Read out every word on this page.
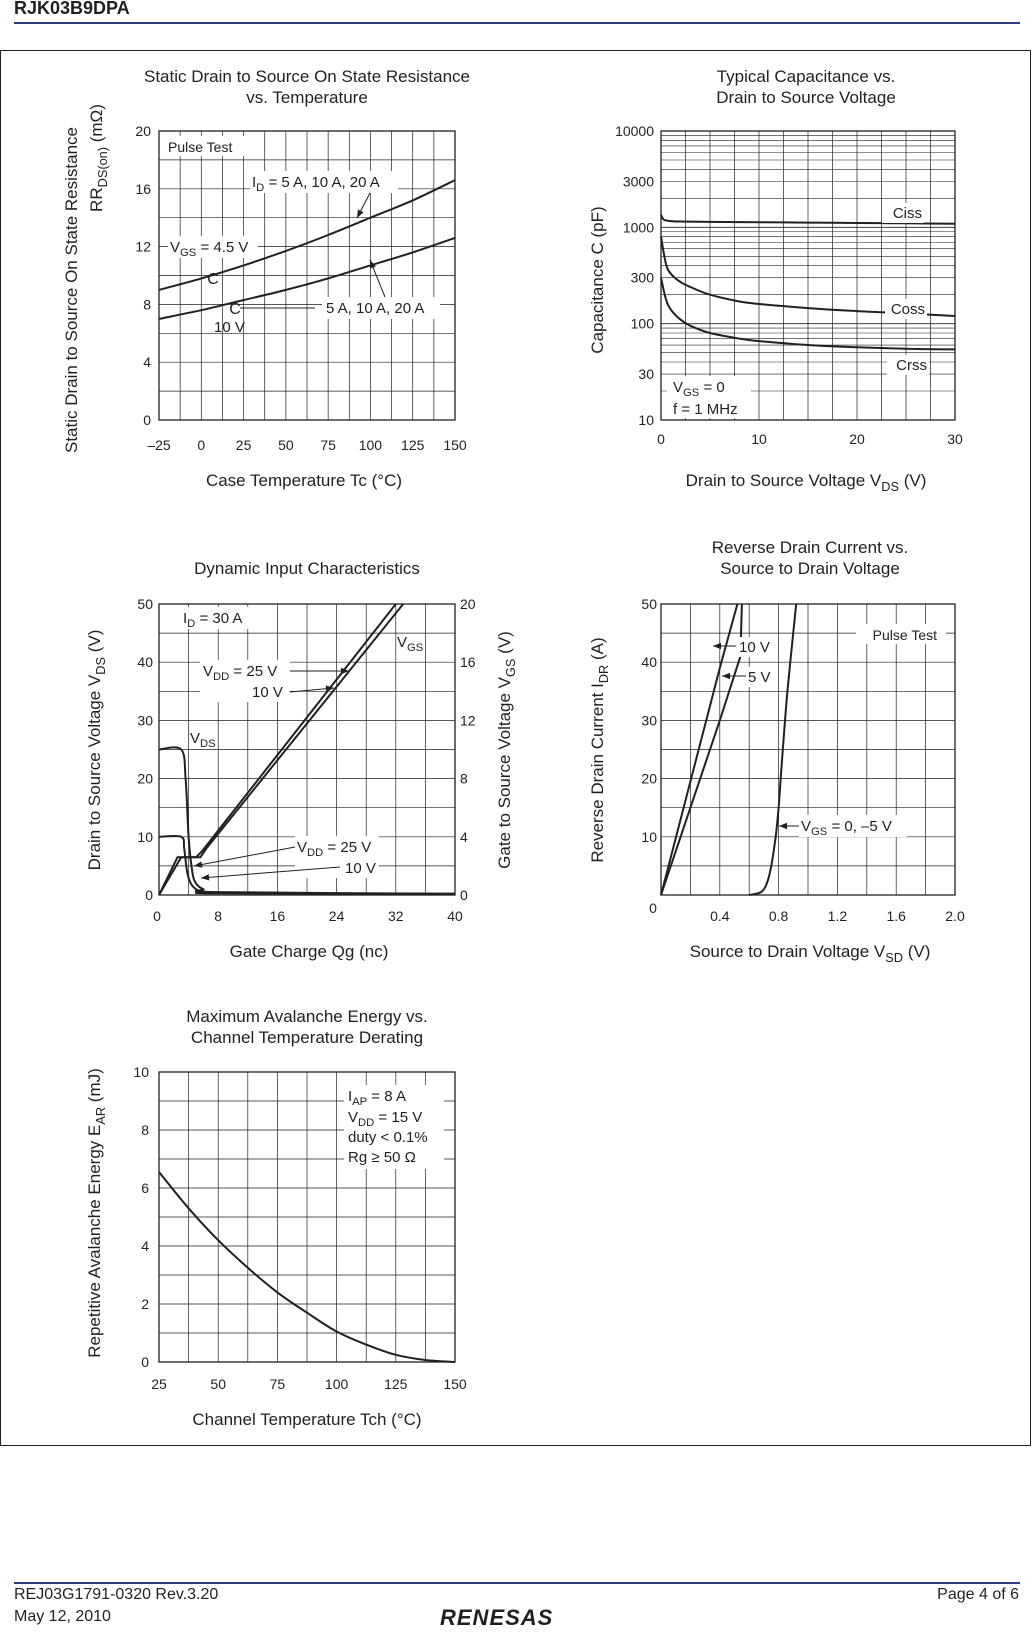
RJK03B9DPA
Static Drain to Source On State Resistance
vs. Temperature
–25 0 25 50 75 100 125 150
0
4
8
12
16
20
Case Temperature Tc (°C)
Static Drain to Source On State Resistance $RR_{DS(on)}$ (mΩ)
Pulse Test
$I_D = 5$ A, 10 A, 20 A
$V_{GS} = 4.5$ V
C
C
10 V
5 A, 10 A, 20 A
Typical Capacitance vs.
Drain to Source Voltage
0	10	20	30
10
30
100
300
1000
3000
10000
Drain to Source Voltage $V_{DS}$ (V)
Capacitance C (pF)	Ciss
Coss
Crss
$V_{GS} = 0$
f = 1 MHz
Dynamic Input Characteristics
0	8	16	24	32	40
0
10
20
30
40
50
0
4
8
12
16
20
Gate Charge Qg (nc)
Drain to Source Voltage $V_{DS}$ (V)
Gate to Source Voltage $V_{GS}$ (V)
$I_D = 30$ A
$V_{GS}$
$V_{DD} = 25$ V
10 V
$V_{DS}$
$V_{DD} = 25$ V
10 V
Reverse Drain Current vs.
Source to Drain Voltage
0	0.4	0.8	1.2	1.6	2.0
10
20
30
40
50
Source to Drain Voltage $V_{SD}$ (V)
Reverse Drain Current $I_{DR}$ (A)
Pulse Test
10 V
5 V
$V_{GS} = 0$, –5 V
Maximum Avalanche Energy vs.
Channel Temperature Derating
25	50	75	100	125	150
0
2
4
6
8
10
Channel Temperature Tch (°C)
Repetitive Avalanche Energy $E_{AR}$ (mJ)	$I_{AP} = 8$ A
$V_{DD} = 15$ V
duty < 0.1%
Rg ≥ 50 Ω
REJ03G1791-0320 Rev.3.20
May 12, 2010
Page 4 of 6
RENESAS
